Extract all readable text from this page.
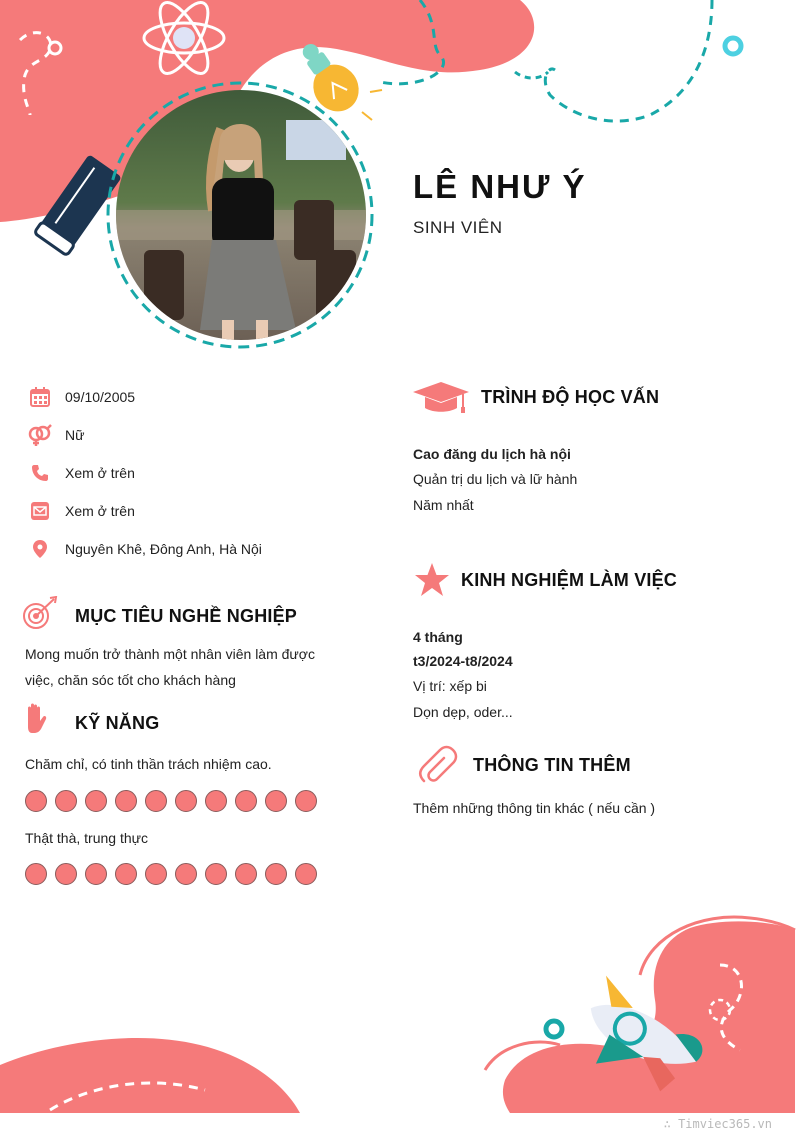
LÊ NHƯ Ý
SINH VIÊN
09/10/2005
Nữ
Xem ở trên
Xem ở trên
Nguyên Khê, Đông Anh, Hà Nội
MỤC TIÊU NGHỀ NGHIỆP
Mong muốn trở thành một nhân viên làm được
việc, chăn sóc tốt cho khách hàng
KỸ NĂNG
Chăm chỉ, có tinh thần trách nhiệm cao.
Thật thà, trung thực
TRÌNH ĐỘ HỌC VẤN
Cao đăng du lịch hà nội
Quản trị du lịch và lữ hành
Năm nhất
KINH NGHIỆM LÀM VIỆC
4 tháng
t3/2024-t8/2024
Vị trí: xếp bi
Dọn dẹp, oder...
THÔNG TIN THÊM
Thêm những thông tin khác ( nếu cần )
∴ Timviec365.vn
